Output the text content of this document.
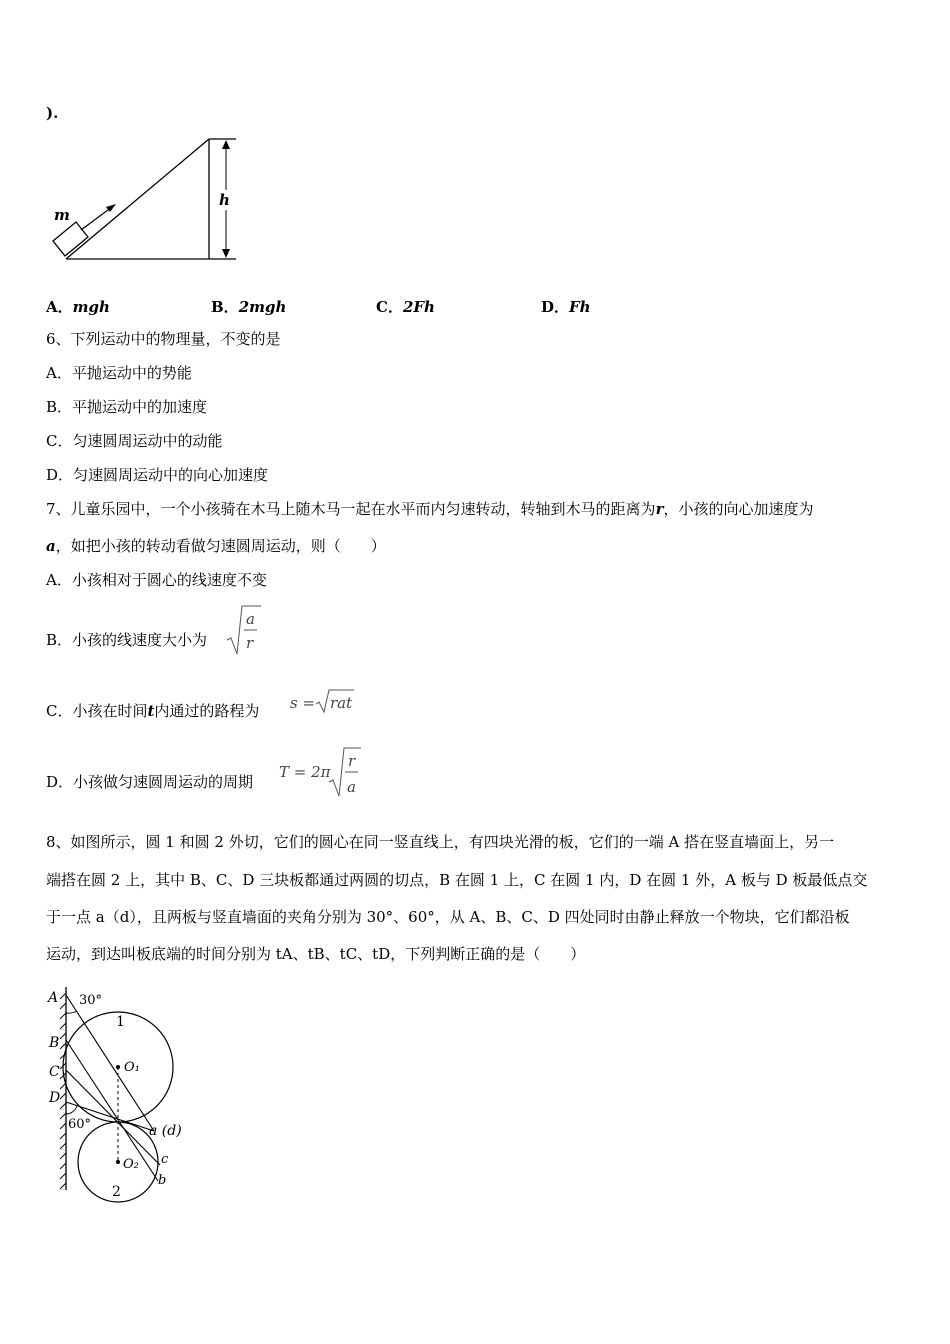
).
m
h
A．mgh	B．2mgh	C．2Fh	D．Fh
6、下列运动中的物理量，不变的是
A．平抛运动中的势能
B．平抛运动中的加速度
C．匀速圆周运动中的动能
D．匀速圆周运动中的向心加速度
7、儿童乐园中，一个小孩骑在木马上随木马一起在水平而内匀速转动，转轴到木马的距离为r，小孩的向心加速度为
a，如把小孩的转动看做匀速圆周运动，则（　　）
A．小孩相对于圆心的线速度不变
B．小孩的线速度大小为
a
r
C．小孩在时间t内通过的路程为 s = rat
D．小孩做匀速圆周运动的周期
T = 2π
r
a
8、如图所示，圆 1 和圆 2 外切，它们的圆心在同一竖直线上，有四块光滑的板，它们的一端 A 搭在竖直墙面上，另一
端搭在圆 2 上，其中 B、C、D 三块板都通过两圆的切点，B 在圆 1 上，C 在圆 1 内，D 在圆 1 外，A 板与 D 板最低点交
于一点 a（d），且两板与竖直墙面的夹角分别为 30°、60°，从 A、B、C、D 四处同时由静止释放一个物块，它们都沿板
运动，到达叫板底端的时间分别为 tA、tB、tC、tD，下列判断正确的是（　　）
A 30°
1
B
O₁
C
D
60°	a (d)
c
O₂
b
2
